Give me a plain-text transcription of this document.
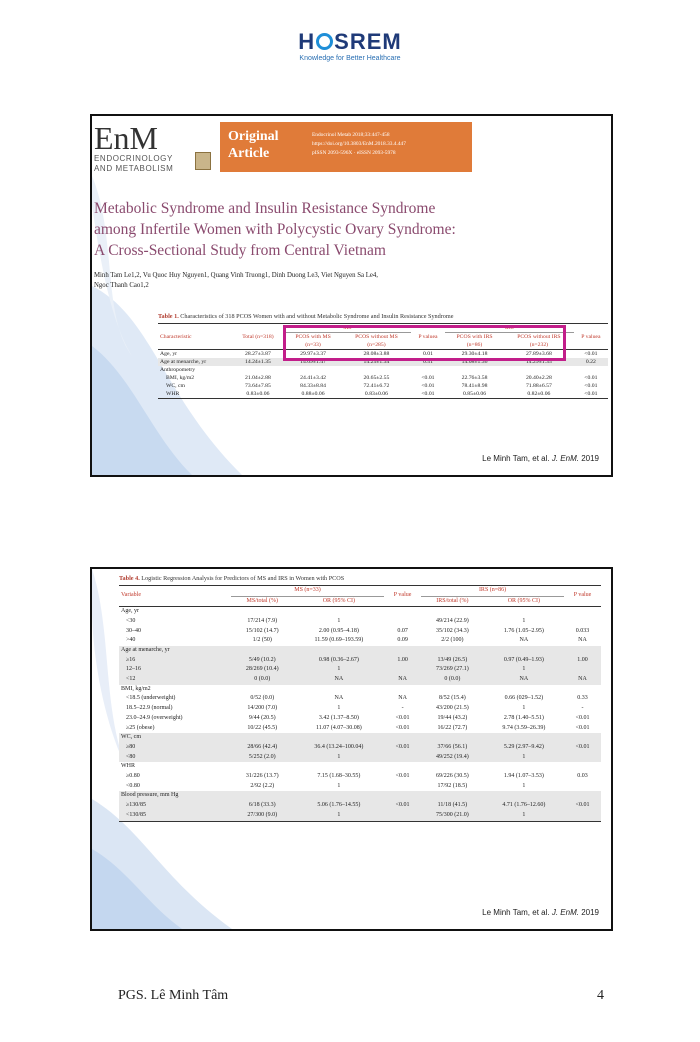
H SREM
Knowledge for Better Healthcare
EnM
ENDOCRINOLOGY
AND METABOLISM
Original Article
Endocrinol Metab 2018;33:447-458
https://doi.org/10.3803/EnM.2018.33.4.447
pISSN 2093-596X · eISSN 2093-5978
Metabolic Syndrome and Insulin Resistance Syndrome
among Infertile Women with Polycystic Ovary Syndrome:
A Cross-Sectional Study from Central Vietnam
Minh Tam Le1,2, Vu Quoc Huy Nguyen1, Quang Vinh Truong1, Dinh Duong Le3, Viet Nguyen Sa Le4,
Ngoc Thanh Cao1,2
Table 1. Characteristics of 318 PCOS Women with and without Metabolic Syndrome and Insulin Resistance Syndrome
		MS			IRS		
Characteristic	Total (n=318)	PCOS with MS	PCOS without MS	P valuea	PCOS with IRS	PCOS without IRS	P valuea
		(n=33)	(n=285)		(n=86)	(n=232)	
Age, yr	28.27±3.87	29.97±3.37	28.08±3.88	0.01	29.30±4.18	27.89±3.68	<0.01
Age at menarche, yr	14.24±1.35	14.09±1.47	14.25±1.34	0.51	14.08±1.36	14.29±1.35	0.22
Anthropometry							
BMI, kg/m2	21.04±2.88	24.41±3.42	20.65±2.55	<0.01	22.76±3.58	20.40±2.28	<0.01
WC, cm	73.64±7.85	84.33±8.84	72.41±6.72	<0.01	78.41±8.98	71.88±6.57	<0.01
WHR	0.83±0.06	0.88±0.06	0.83±0.06	<0.01	0.85±0.06	0.82±0.06	<0.01
Le Minh Tam, et al. J. EnM. 2019
Table 4. Logistic Regression Analysis for Predictors of MS and IRS in Women with PCOS
Variable	MS (n=33)		P value	IRS (n=86)		P value
	MS/total (%)	OR (95% CI)		IRS/total (%)	OR (95% CI)	
Age, yr						
<30	17/214 (7.9)	1		49/214 (22.9)	1	
30–40	15/102 (14.7)	2.00 (0.95–4.18)	0.07	35/102 (34.3)	1.76 (1.05–2.95)	0.033
>40	1/2 (50)	11.59 (0.69–193.59)	0.09	2/2 (100)	NA	NA
Age at menarche, yr						
≥16	5/49 (10.2)	0.98 (0.36–2.67)	1.00	13/49 (26.5)	0.97 (0.49–1.93)	1.00
12–16	28/269 (10.4)	1		73/269 (27.1)	1	
<12	0 (0.0)	NA	NA	0 (0.0)	NA	NA
BMI, kg/m2						
<18.5 (underweight)	0/52 (0.0)	NA	NA	8/52 (15.4)	0.66 (029–1.52)	0.33
18.5–22.9 (normal)	14/200 (7.0)	1	-	43/200 (21.5)	1	-
23.0–24.9 (overweight)	9/44 (20.5)	3.42 (1.37–8.50)	<0.01	19/44 (43.2)	2.78 (1.40–5.51)	<0.01
≥25 (obese)	10/22 (45.5)	11.07 (4.07–30.08)	<0.01	16/22 (72.7)	9.74 (3.59–26.39)	<0.01
WC, cm						
≥80	28/66 (42.4)	36.4 (13.24–100.04)	<0.01	37/66 (56.1)	5.29 (2.97–9.42)	<0.01
<80	5/252 (2.0)	1		49/252 (19.4)	1	
WHR						
≥0.80	31/226 (13.7)	7.15 (1.68–30.55)	<0.01	69/226 (30.5)	1.94 (1.07–3.53)	0.03
<0.80	2/92 (2.2)	1		17/92 (18.5)	1	
Blood pressure, mm Hg						
≥130/85	6/18 (33.3)	5.06 (1.76–14.55)	<0.01	11/18 (41.5)	4.71 (1.76–12.60)	<0.01
<130/85	27/300 (9.0)	1		75/300 (21.0)	1	
Le Minh Tam, et al. J. EnM. 2019
PGS. Lê Minh Tâm	4
